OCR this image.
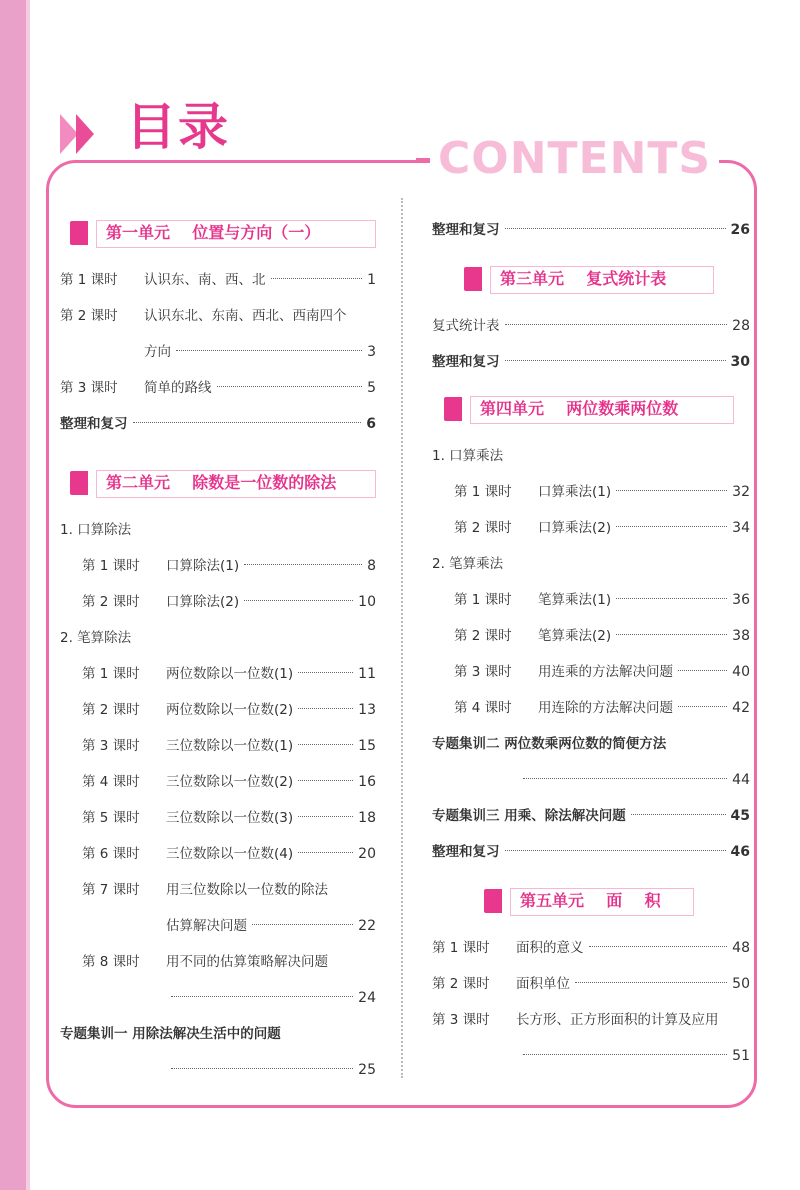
目录
CONTENTS
第一单元    位置与方向（一）
第 1 课时	认识东、南、西、北	1
第 2 课时	认识东北、东南、西北、西南四个
方向	3
第 3 课时	简单的路线	5
整理和复习	6
第二单元    除数是一位数的除法
1. 口算除法
第 1 课时	口算除法(1)	8
第 2 课时	口算除法(2)	10
2. 笔算除法
第 1 课时	两位数除以一位数(1)	11
第 2 课时	两位数除以一位数(2)	13
第 3 课时	三位数除以一位数(1)	15
第 4 课时	三位数除以一位数(2)	16
第 5 课时	三位数除以一位数(3)	18
第 6 课时	三位数除以一位数(4)	20
第 7 课时	用三位数除以一位数的除法
估算解决问题	22
第 8 课时	用不同的估算策略解决问题
24
专题集训一 用除法解决生活中的问题
25
整理和复习	26
第三单元    复式统计表
复式统计表	28
整理和复习	30
第四单元    两位数乘两位数
1. 口算乘法
第 1 课时	口算乘法(1)	32
第 2 课时	口算乘法(2)	34
2. 笔算乘法
第 1 课时	笔算乘法(1)	36
第 2 课时	笔算乘法(2)	38
第 3 课时	用连乘的方法解决问题	40
第 4 课时	用连除的方法解决问题	42
专题集训二 两位数乘两位数的简便方法
44
专题集训三 用乘、除法解决问题	45
整理和复习	46
第五单元    面    积
第 1 课时	面积的意义	48
第 2 课时	面积单位	50
第 3 课时	长方形、正方形面积的计算及应用
51
